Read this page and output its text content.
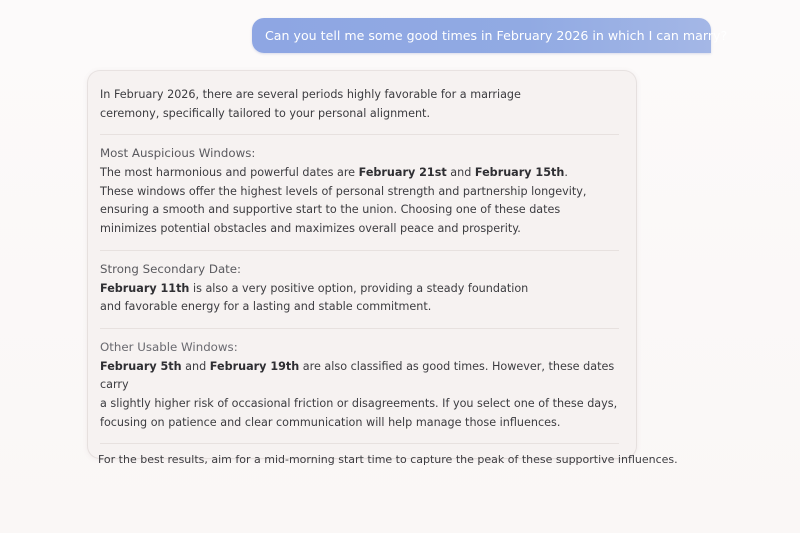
Can you tell me some good times in February 2026 in which I can marry?

In February 2026, there are several periods highly favorable for a marriage
ceremony, specifically tailored to your personal alignment.

Most Auspicious Windows:

The most harmonious and powerful dates are February 21st and February 15th.
These windows offer the highest levels of personal strength and partnership longevity,
ensuring a smooth and supportive start to the union. Choosing one of these dates
minimizes potential obstacles and maximizes overall peace and prosperity.

Strong Secondary Date:

February 11th is also a very positive option, providing a steady foundation
and favorable energy for a lasting and stable commitment.

Other Usable Windows:

February 5th and February 19th are also classified as good times. However, these dates carry
a slightly higher risk of occasional friction or disagreements. If you select one of these days,
focusing on patience and clear communication will help manage those influences.

For the best results, aim for a mid-morning start time to capture the peak of these supportive influences.
